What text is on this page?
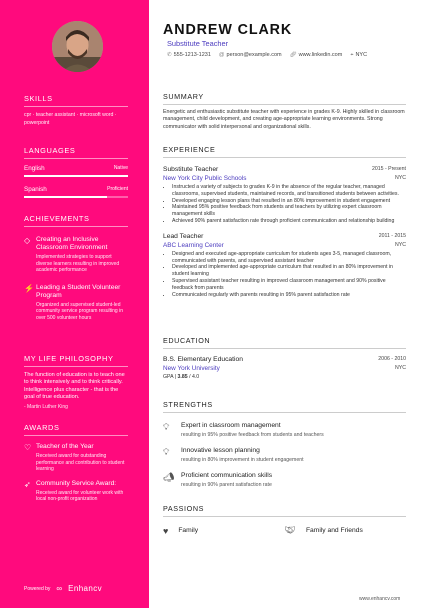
SKILLS
cpr · teacher assistant · microsoft word · powerpoint
LANGUAGES
English	Native
Spanish	Proficient
ACHIEVEMENTS
◇ Creating an Inclusive Classroom Environment
Implemented strategies to support diverse learners resulting in improved academic performance
⚡ Leading a Student Volunteer Program
Organized and supervised student-led community service program resulting in over 500 volunteer hours
MY LIFE PHILOSOPHY
The function of education is to teach one to think intensively and to think critically. Intelligence plus character - that is the goal of true education.
- Martin Luther King
AWARDS
♡ Teacher of the Year
Received award for outstanding performance and contribution to student learning
➶ Community Service Award:
Received award for volunteer work with local non-profit organization
Powered by ∞ Enhancv
ANDREW CLARK
Substitute Teacher
✆ 555-1213-1231 @ person@example.com 🔗︎ www.linkedin.com ⌖ NYC
SUMMARY
Energetic and enthusiastic substitute teacher with experience in grades K-9. Highly skilled in classroom management, child development, and creating age-appropriate learning environments. Strong communicator with solid interpersonal and organizational skills.
EXPERIENCE
Substitute Teacher	2015 - Present
New York City Public Schools	NYC
• Instructed a variety of subjects to grades K-9 in the absence of the regular teacher, managed classrooms, supervised students, maintained records, and transitioned students between activities.
• Developed engaging lesson plans that resulted in an 80% improvement in student engagement
• Maintained 95% positive feedback from students and teachers by utilizing expert classroom management skills
• Achieved 90% parent satisfaction rate through proficient communication and relationship building
Lead Teacher	2011 - 2015
ABC Learning Center	NYC
• Designed and executed age-appropriate curriculum for students ages 3-5, managed classroom, communicated with parents, and supervised assistant teacher
• Developed and implemented age-appropriate curriculum that resulted in an 80% improvement in student learning
• Supervised assistant teacher resulting in improved classroom management and 90% positive feedback from parents
• Communicated regularly with parents resulting in 95% parent satisfaction rate
EDUCATION
B.S. Elementary Education	2006 - 2010
New York University	NYC
GPA | 3.85 / 4.0
STRENGTHS
💡︎	Expert in classroom management
resulting in 95% positive feedback from students and teachers
💡︎	Innovative lesson planning
resulting in 80% improvement in student engagement
📣︎ Proficient communication skills
resulting in 90% parent satisfaction rate
PASSIONS
♥ Family	🤝︎ Family and Friends
www.enhancv.com
